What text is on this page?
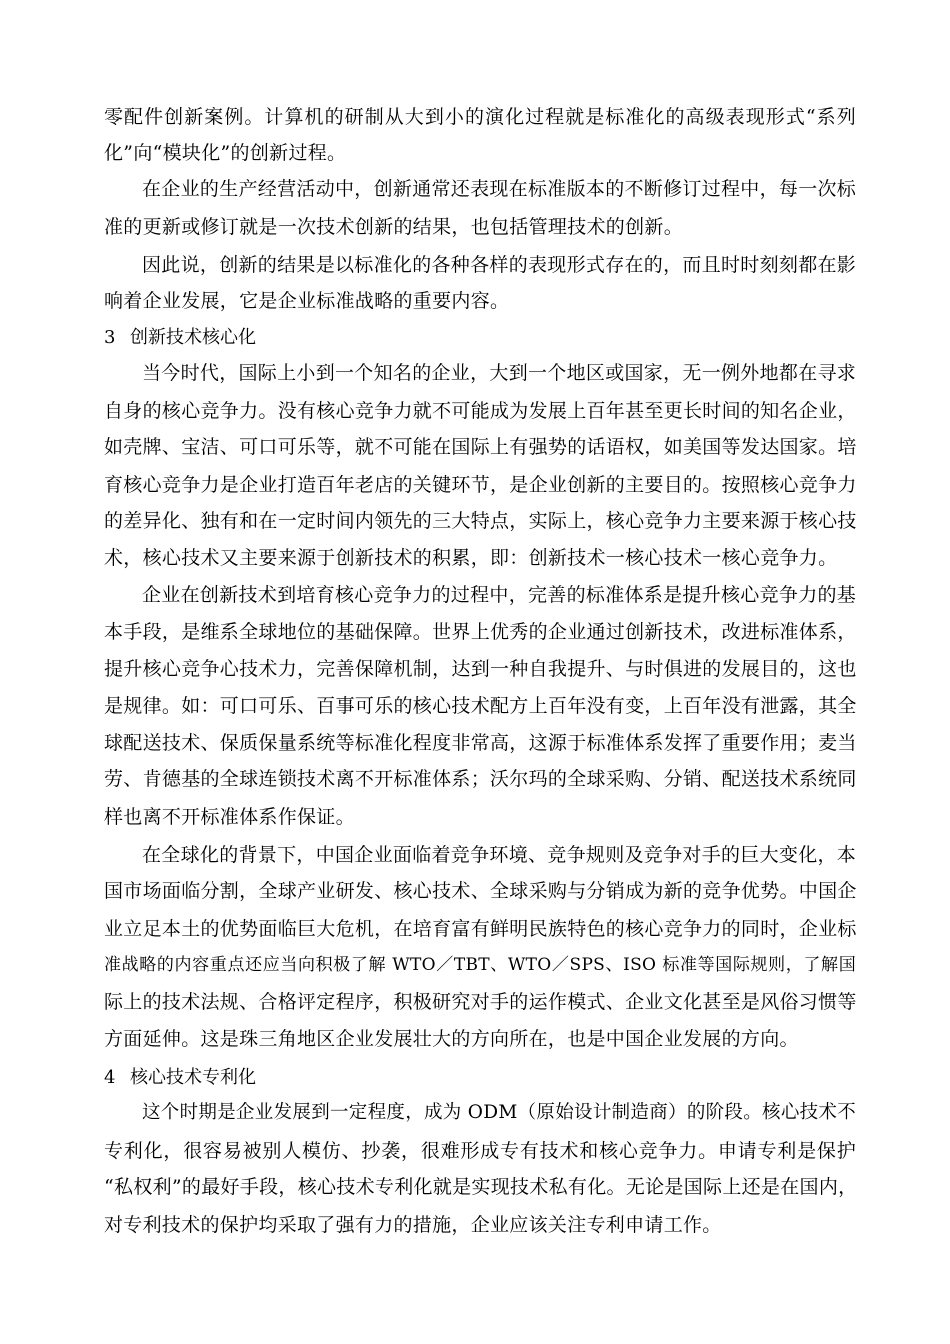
零配件创新案例。计算机的研制从大到小的演化过程就是标准化的高级表现形式“系列
化”向“模块化”的创新过程。
在企业的生产经营活动中，创新通常还表现在标准版本的不断修订过程中，每一次标
准的更新或修订就是一次技术创新的结果，也包括管理技术的创新。
因此说，创新的结果是以标准化的各种各样的表现形式存在的，而且时时刻刻都在影
响着企业发展，它是企业标准战略的重要内容。
3 创新技术核心化
当今时代，国际上小到一个知名的企业，大到一个地区或国家，无一例外地都在寻求
自身的核心竞争力。没有核心竞争力就不可能成为发展上百年甚至更长时间的知名企业，
如壳牌、宝洁、可口可乐等，就不可能在国际上有强势的话语权，如美国等发达国家。培
育核心竞争力是企业打造百年老店的关键环节，是企业创新的主要目的。按照核心竞争力
的差异化、独有和在一定时间内领先的三大特点，实际上，核心竞争力主要来源于核心技
术，核心技术又主要来源于创新技术的积累，即：创新技术一核心技术一核心竞争力。
企业在创新技术到培育核心竞争力的过程中，完善的标准体系是提升核心竞争力的基
本手段，是维系全球地位的基础保障。世界上优秀的企业通过创新技术，改进标准体系，
提升核心竞争心技术力，完善保障机制，达到一种自我提升、与时俱进的发展目的，这也
是规律。如：可口可乐、百事可乐的核心技术配方上百年没有变，上百年没有泄露，其全
球配送技术、保质保量系统等标准化程度非常高，这源于标准体系发挥了重要作用；麦当
劳、肯德基的全球连锁技术离不开标准体系；沃尔玛的全球采购、分销、配送技术系统同
样也离不开标准体系作保证。
在全球化的背景下，中国企业面临着竞争环境、竞争规则及竞争对手的巨大变化，本
国市场面临分割，全球产业研发、核心技术、全球采购与分销成为新的竞争优势。中国企
业立足本土的优势面临巨大危机，在培育富有鲜明民族特色的核心竞争力的同时，企业标
准战略的内容重点还应当向积极了解 WTO／TBT、WTO／SPS、ISO 标准等国际规则，了解国
际上的技术法规、合格评定程序，积极研究对手的运作模式、企业文化甚至是风俗习惯等
方面延伸。这是珠三角地区企业发展壮大的方向所在，也是中国企业发展的方向。
4 核心技术专利化
这个时期是企业发展到一定程度，成为 ODM（原始设计制造商）的阶段。核心技术不
专利化，很容易被别人模仿、抄袭，很难形成专有技术和核心竞争力。申请专利是保护
“私权利”的最好手段，核心技术专利化就是实现技术私有化。无论是国际上还是在国内，
对专利技术的保护均采取了强有力的措施，企业应该关注专利申请工作。
